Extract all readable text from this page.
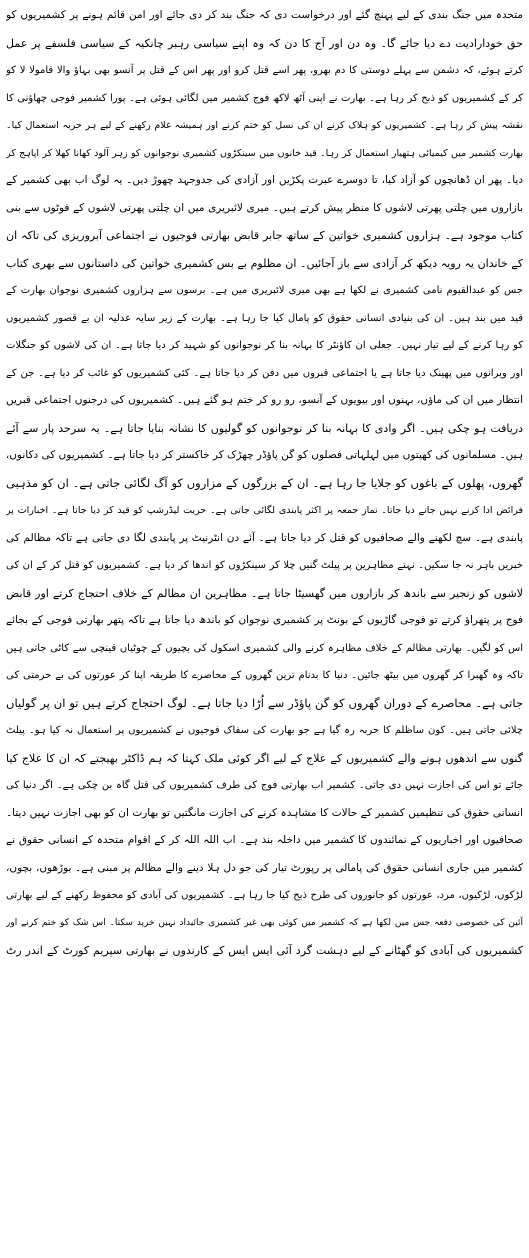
متحدہ میں جنگ بندی کے لیے پہنچ گئے اور درخواست دی کہ جنگ بند کر دی جائے اور امن قائم ہونے پر کشمیریوں کو
حق خودارادیت دے دیا جائے گا۔ وہ دن اور آج کا دن کہ وہ اپنے سیاسی رہبر چانکیہ کے سیاسی فلسفے پر عمل
کرتے ہوئے، کہ دشمن سے پہلے دوستی کا دم بھرو، پھر اسے قتل کرو اور پھر اس کے قتل پر آنسو بھی بہاؤ والا فامولا لا کو
کر کے کشمیریوں کو ذبح کر رہا ہے۔ بھارت نے اپنی آٹھ لاکھ فوج کشمیر میں لگائی ہوئی ہے۔ پورا کشمیر فوجی چھاؤنی کا
نقشہ پیش کر رہا ہے۔ کشمیریوں کو ہلاک کرنے ان کی نسل کو ختم کرنے اور ہمیشہ غلام رکھنے کے لیے ہر حربہ استعمال کیا۔
بھارت کشمیر میں کیمیائی ہتھیار استعمال کر رہا۔ قید خانوں میں سینکڑوں کشمیری نوجوانوں کو زہر آلود کھانا کھلا کر اپاہج کر
دیا۔ پھر ان ڈھانچوں کو آزاد کیا، تا دوسرے عبرت پکڑیں اور آزادی کی جدوجہد چھوڑ دیں۔ یہ لوگ اب بھی کشمیر کے
بازاروں میں چلتی پھرتی لاشوں کا منظر پیش کرتے ہیں۔ میری لائبریری میں ان چلتی پھرتی لاشوں کے فوٹوں سے بنی
کتاب موجود ہے۔ ہزاروں کشمیری خواتین کے ساتھ جابر قابض بھارتی فوجیوں نے اجتماعی آبروریزی کی تاکہ ان
کے خاندان یہ رویہ دیکھ کر آزادی سے باز آجائیں۔ ان مظلوم بے بس کشمیری خواتین کی داستانوں سے بھری کتاب
جس کو عبدالقیوم نامی کشمیری نے لکھا ہے بھی میری لائبریری میں ہے۔ برسوں سے ہزاروں کشمیری نوجوان بھارت کے
قید میں بند ہیں۔ ان کی بنیادی انسانی حقوق کو پامال کیا جا رہا ہے۔ بھارت کے زیر سایہ عدلیہ ان بے قصور کشمیریوں
کو رہا کرنے کے لیے تیار نہیں۔ جعلی ان کاؤنٹر کا بہانہ بنا کر نوجوانوں کو شہید کر دیا جاتا ہے۔ ان کی لاشوں کو جنگلات
اور ویرانوں میں پھینک دیا جاتا ہے یا اجتماعی قبروں میں دفن کر دیا جاتا ہے۔ کئی کشمیریوں کو غائب کر دیا ہے۔ جن کے
انتظار میں ان کی ماؤں، بہنوں اور بیویوں کے آنسو، رو رو کر ختم ہو گئے ہیں۔ کشمیریوں کی درجنوں اجتماعی قبریں
دریافت ہو چکی ہیں۔ اگر وادی کا بہانہ بنا کر نوجوانوں کو گولیوں کا نشانہ بنایا جاتا ہے۔ یہ سرحد پار سے آئے
ہیں۔ مسلمانوں کی کھیتوں میں لہلہاتی فصلوں کو گن پاؤڈر چھڑک کر خاکستر کر دیا جاتا ہے۔ کشمیریوں کی دکانوں،
گھروں، پھلوں کے باغوں کو جلایا جا رہا ہے۔ ان کے بزرگوں کے مزاروں کو آگ لگائی جاتی ہے۔ ان کو مذہبی
فرائض ادا کرنے نہیں جانے دیا جاتا۔ نماز جمعہ پر اکثر پابندی لگائی جاتی ہے۔ حریت لیڈرشپ کو قید کر دیا جاتا ہے۔ اخبارات پر
پابندی ہے۔ سچ لکھنے والے صحافیوں کو قتل کر دیا جاتا ہے۔ آئے دن انٹرنیٹ پر پابندی لگا دی جاتی ہے تاکہ مظالم کی
خبریں باہر نہ جا سکیں۔ نہتے مظاہرین پر پیلٹ گنیں چلا کر سینکڑوں کو اندھا کر دیا ہے۔ کشمیریوں کو قتل کر کے ان کی
لاشوں کو زنجیر سے باندھ کر بازاروں میں گھسیٹا جاتا ہے۔ مظاہرین ان مظالم کے خلاف احتجاج کرتے اور قابض
فوج پر پتھراؤ کرتے تو فوجی گاڑیوں کے بونٹ پر کشمیری نوجوان کو باندھ دیا جاتا ہے تاکہ پتھر بھارتی فوجی کے بجائے
اس کو لگیں۔ بھارتی مظالم کے خلاف مظاہرہ کرنے والی کشمیری اسکول کی بچیوں کے چوٹیاں قینچی سے کاٹی جاتی ہیں
تاکہ وہ گھبرا کر گھروں میں بیٹھ جائیں۔ دنیا کا بدنام ترین گھروں کے محاصرے کا طریقہ اپنا کر عورتوں کی بے حرمتی کی
جاتی ہے۔ محاصرے کے دوران گھروں کو گن پاؤڈر سے اُڑا دیا جاتا ہے۔ لوگ احتجاج کرتے ہیں تو ان پر گولیاں
چلائی جاتی ہیں۔ کون ساظلم کا حربہ رہ گیا ہے جو بھارت کی سفاک فوجیوں نے کشمیریوں پر استعمال نہ کیا ہو۔ پیلٹ
گنوں سے اندھوں ہونے والے کشمیریوں کے علاج کے لیے اگر کوئی ملک کہتا کہ ہم ڈاکٹر بھیجتے کہ ان کا علاج کیا
جائے تو اس کی اجازت نہیں دی جاتی۔ کشمیر اب بھارتی فوج کی طرف کشمیریوں کی قتل گاہ بن چکی ہے۔ اگر دنیا کی
انسانی حقوق کی تنظیمیں کشمیر کے حالات کا مشاہدہ کرنے کی اجازت مانگتیں تو بھارت ان کو بھی اجازت نہیں دیتا۔
صحافیوں اور اخباریوں کے نمائندوں کا کشمیر میں داخلہ بند ہے۔ اب اللہ اللہ کر کے اقوام متحدہ کے انسانی حقوق نے
کشمیر میں جاری انسانی حقوق کی پامالی پر رپورٹ تیار کی جو دل ہلا دینے والے مظالم پر مبنی ہے۔ بوڑھوں، بچوں،
لڑکوں، لڑکیوں، مرد، عورتوں کو جانوروں کی طرح ذبح کیا جا رہا ہے۔ کشمیریوں کی آبادی کو محفوظ رکھنے کے لیے بھارتی
آئین کی خصوصی دفعہ جس میں لکھا ہے کہ کشمیر میں کوئی بھی غیر کشمیری جائیداد نہیں خرید سکتا۔ اس شک کو ختم کرنے اور
کشمیریوں کی آبادی کو گھٹانے کے لیے دہشت گرد آئی ایس ایس کے کارندوں نے بھارتی سپریم کورٹ کے اندر رٹ
